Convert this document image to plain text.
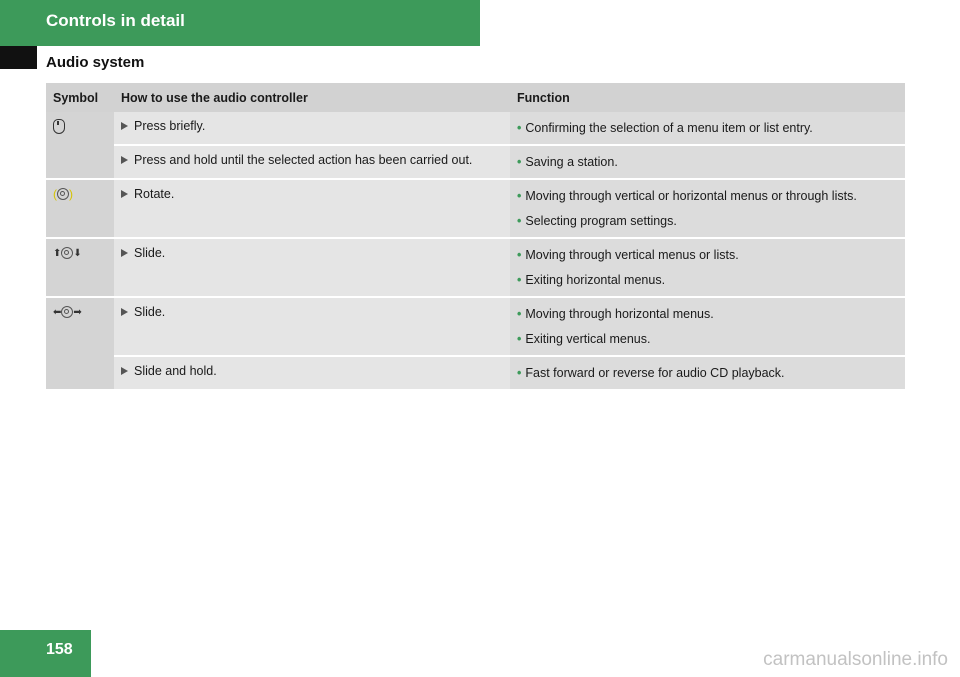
Controls in detail
Audio system
Symbol	How to use the audio controller	Function
	Press briefly.	• Confirming the selection of a menu item or list entry.

	Press and hold until the selected action has been carried out.	• Saving a station.

( )	Rotate.	• Moving through vertical or horizontal menus or through lists.
• Selecting program settings.

⬆ ⬇	Slide.	• Moving through vertical menus or lists.
• Exiting horizontal menus.

⬅ ➡	Slide.	• Moving through horizontal menus.
• Exiting vertical menus.

	Slide and hold.	• Fast forward or reverse for audio CD playback.
158	carmanualsonline.info
